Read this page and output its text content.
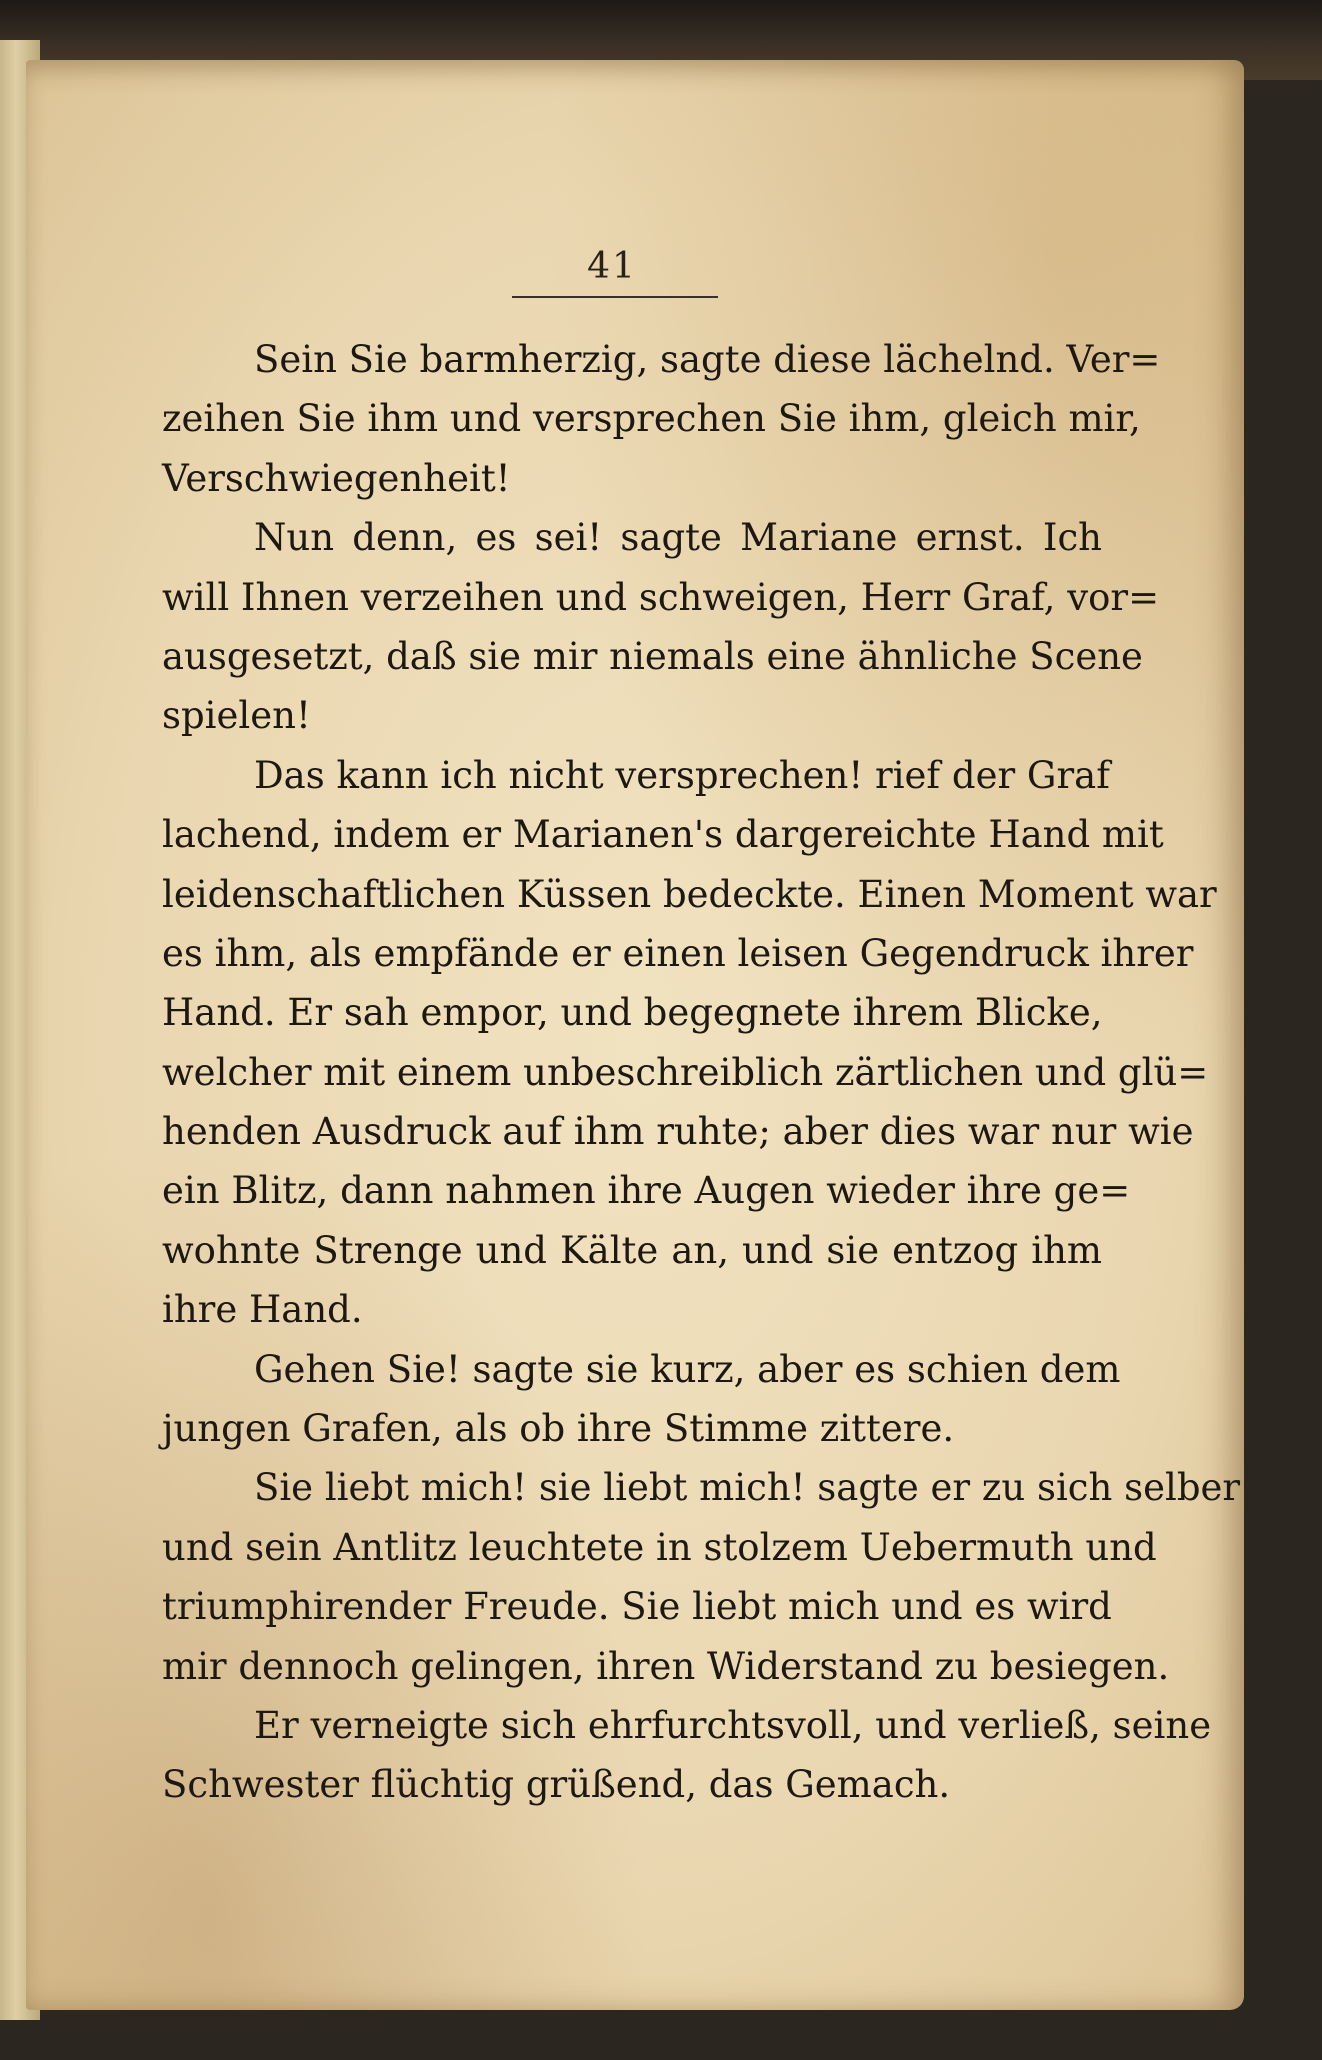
41
Sein Sie barmherzig, sagte diese lächelnd. Ver=
zeihen Sie ihm und versprechen Sie ihm, gleich mir,
Verschwiegenheit!
Nun denn, es sei! sagte Mariane ernst. Ich
will Ihnen verzeihen und schweigen, Herr Graf, vor=
ausgesetzt, daß sie mir niemals eine ähnliche Scene
spielen!
Das kann ich nicht versprechen! rief der Graf
lachend, indem er Marianen's dargereichte Hand mit
leidenschaftlichen Küssen bedeckte. Einen Moment war
es ihm, als empfände er einen leisen Gegendruck ihrer
Hand. Er sah empor, und begegnete ihrem Blicke,
welcher mit einem unbeschreiblich zärtlichen und glü=
henden Ausdruck auf ihm ruhte; aber dies war nur wie
ein Blitz, dann nahmen ihre Augen wieder ihre ge=
wohnte Strenge und Kälte an, und sie entzog ihm
ihre Hand.
Gehen Sie! sagte sie kurz, aber es schien dem
jungen Grafen, als ob ihre Stimme zittere.
Sie liebt mich! sie liebt mich! sagte er zu sich selber
und sein Antlitz leuchtete in stolzem Uebermuth und
triumphirender Freude. Sie liebt mich und es wird
mir dennoch gelingen, ihren Widerstand zu besiegen.
Er verneigte sich ehrfurchtsvoll, und verließ, seine
Schwester flüchtig grüßend, das Gemach.
